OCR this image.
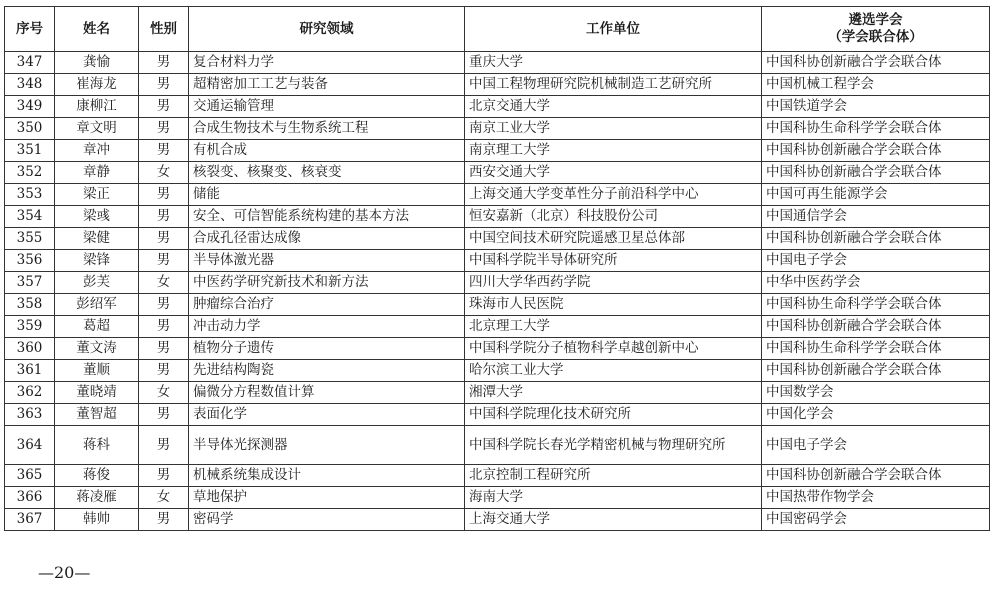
序号	姓名	性别	研究领域	工作单位	遴选学会
（学会联合体）

347	龚愉	男	复合材料力学	重庆大学	中国科协创新融合学会联合体
348	崔海龙	男	超精密加工工艺与装备	中国工程物理研究院机械制造工艺研究所	中国机械工程学会
349	康柳江	男	交通运输管理	北京交通大学	中国铁道学会
350	章文明	男	合成生物技术与生物系统工程	南京工业大学	中国科协生命科学学会联合体
351	章冲	男	有机合成	南京理工大学	中国科协创新融合学会联合体
352	章静	女	核裂变、核聚变、核衰变	西安交通大学	中国科协创新融合学会联合体
353	梁正	男	储能	上海交通大学变革性分子前沿科学中心	中国可再生能源学会
354	梁彧	男	安全、可信智能系统构建的基本方法	恒安嘉新（北京）科技股份公司	中国通信学会
355	梁健	男	合成孔径雷达成像	中国空间技术研究院遥感卫星总体部	中国科协创新融合学会联合体
356	梁锋	男	半导体激光器	中国科学院半导体研究所	中国电子学会
357	彭芙	女	中医药学研究新技术和新方法	四川大学华西药学院	中华中医药学会
358	彭绍军	男	肿瘤综合治疗	珠海市人民医院	中国科协生命科学学会联合体
359	葛超	男	冲击动力学	北京理工大学	中国科协创新融合学会联合体
360	董文涛	男	植物分子遗传	中国科学院分子植物科学卓越创新中心	中国科协生命科学学会联合体
361	董顺	男	先进结构陶瓷	哈尔滨工业大学	中国科协创新融合学会联合体
362	董晓靖	女	偏微分方程数值计算	湘潭大学	中国数学会
363	董智超	男	表面化学	中国科学院理化技术研究所	中国化学会
364	蒋科	男	半导体光探测器	中国科学院长春光学精密机械与物理研究所	中国电子学会
365	蒋俊	男	机械系统集成设计	北京控制工程研究所	中国科协创新融合学会联合体
366	蒋凌雁	女	草地保护	海南大学	中国热带作物学会
367	韩帅	男	密码学	上海交通大学	中国密码学会
—20—
